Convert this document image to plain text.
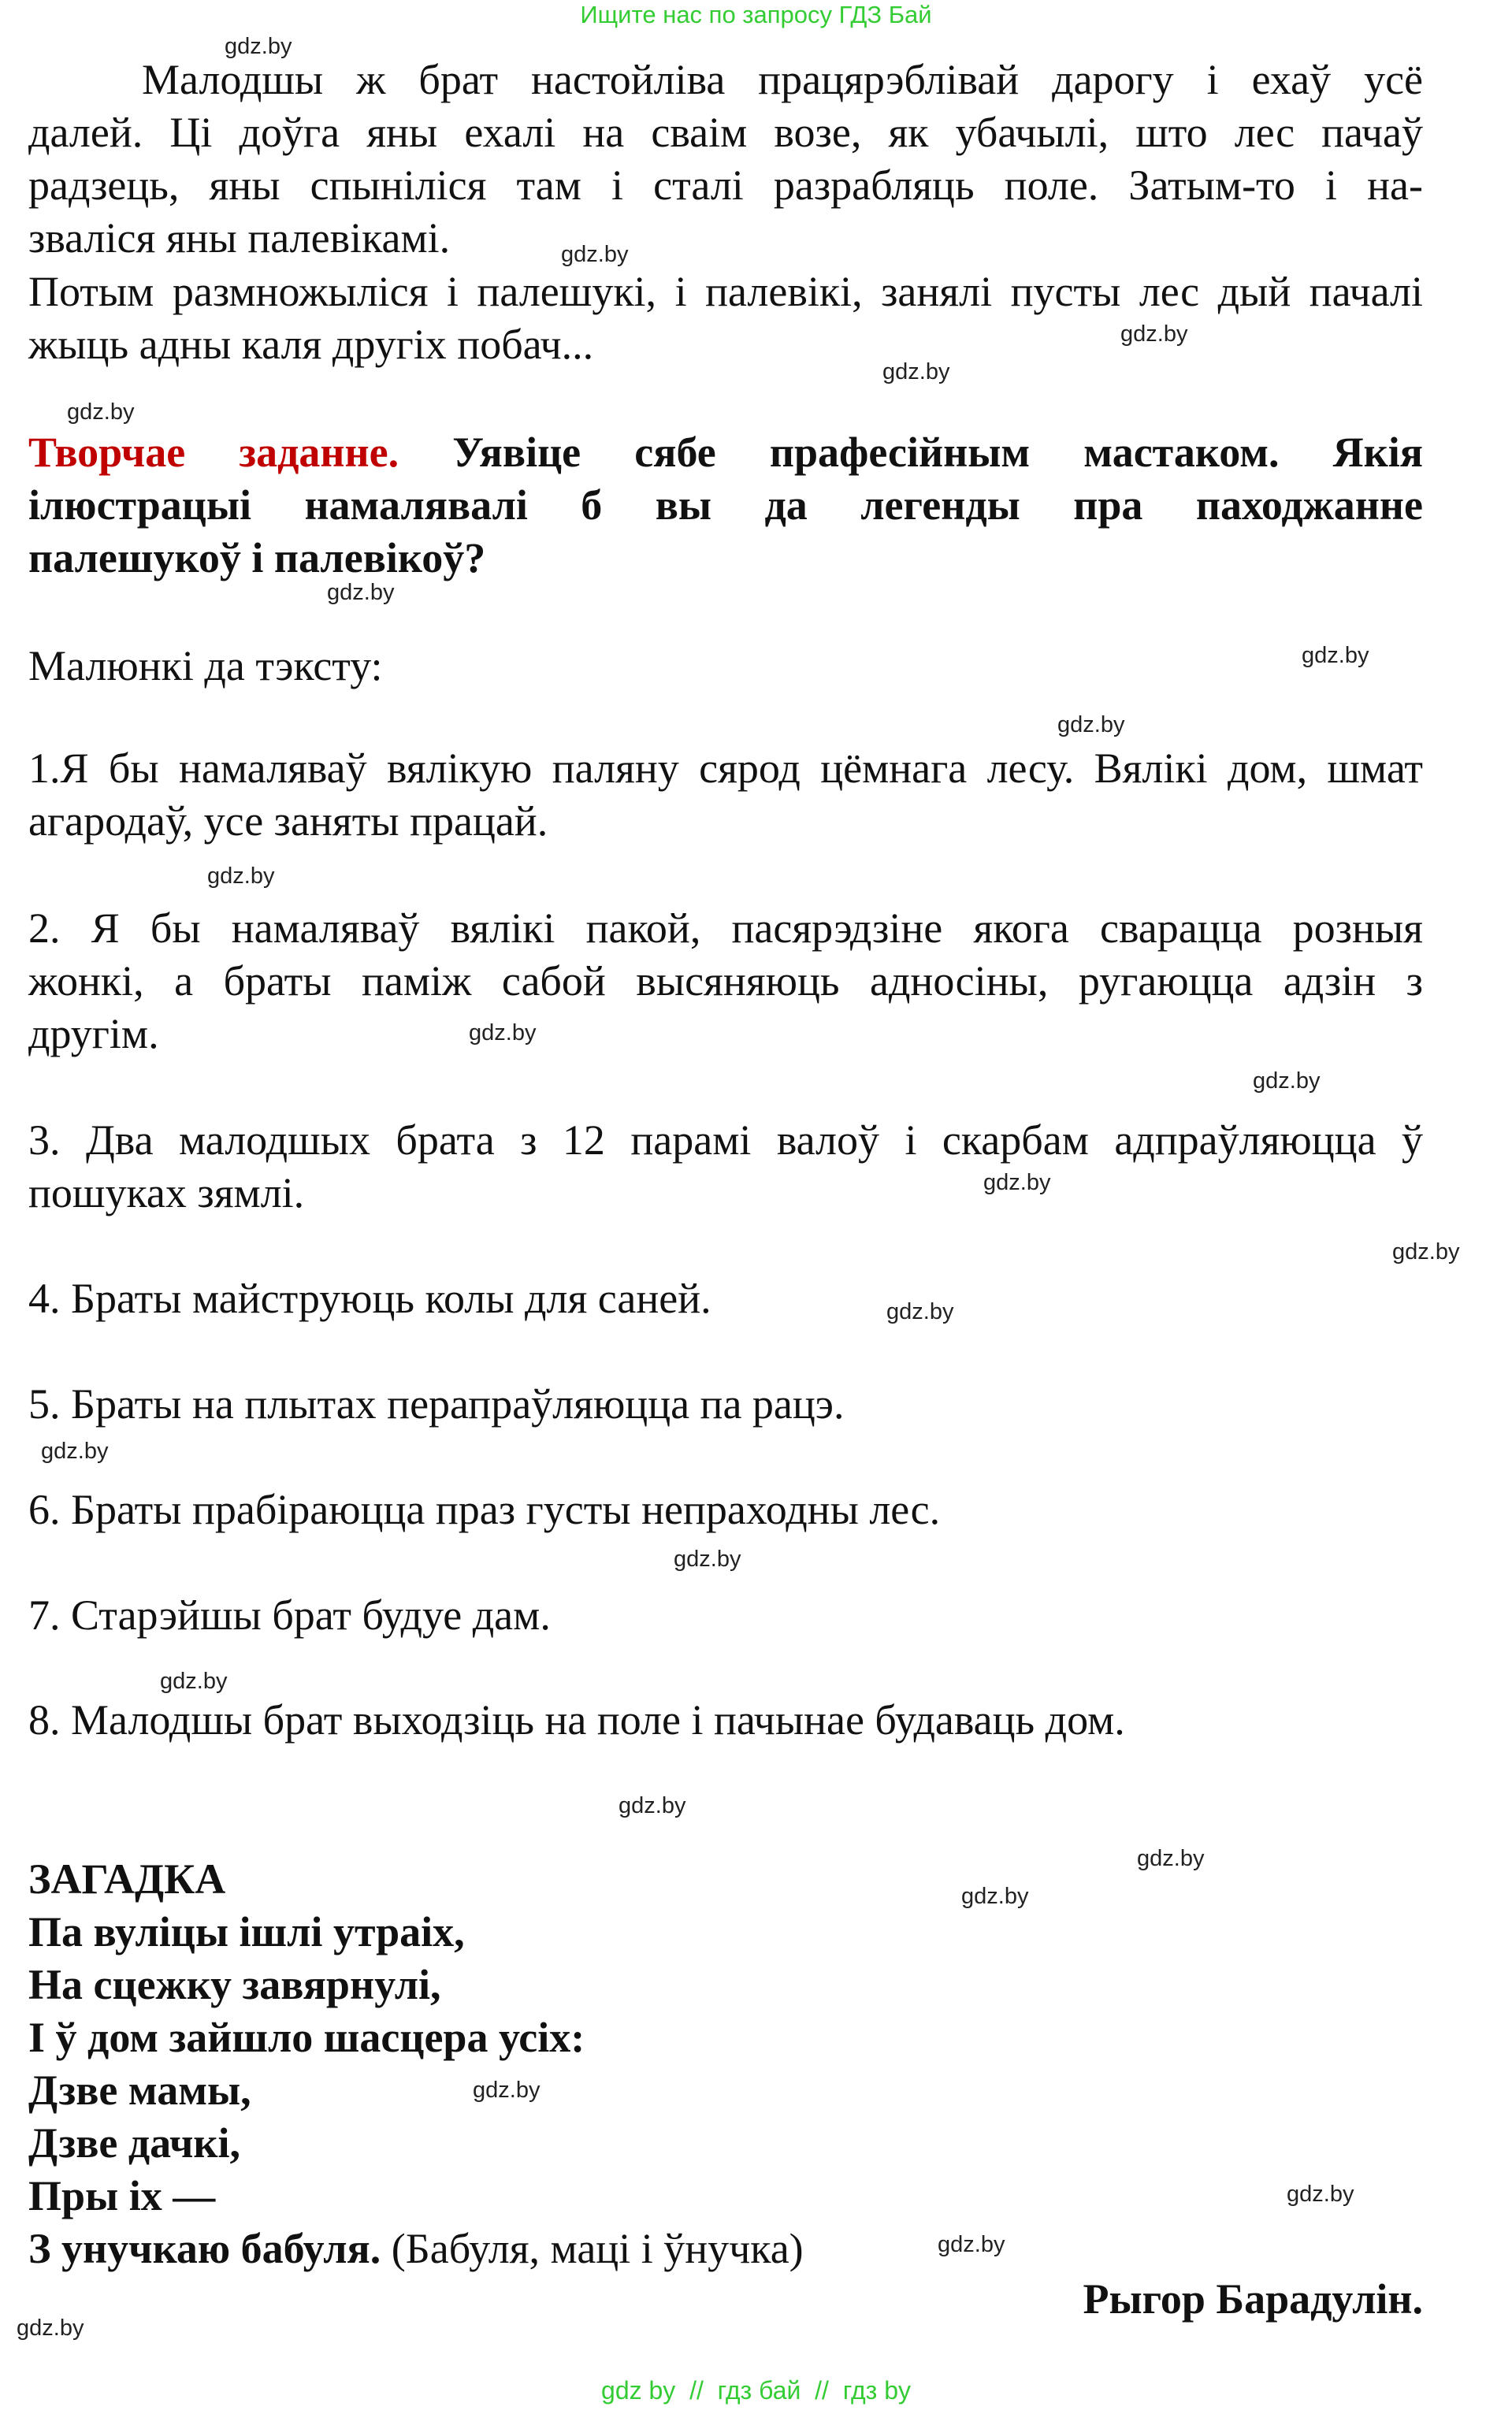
Ищите нас по запросу ГДЗ Бай
Малодшы ж брат настойліва працярэблівай дарогу і ехаў усё
далей. Ці доўга яны ехалі на сваім возе, як убачылі, што лес пачаў
радзець, яны спыніліся там і сталі разрабляць поле. Затым-то і на-
зваліся яны палевікамі.
Потым размножыліся і палешукі, і палевікі, занялі пусты лес дый пачалі
жыць адны каля другіх побач...
Творчае заданне. Уявіце сябе прафесійным мастаком. Якія
ілюстрацыі намалявалі б вы да легенды пра паходжанне
палешукоў і палевікоў?
Малюнкі да тэксту:
1.Я бы намаляваў вялікую паляну сярод цёмнага лесу. Вялікі дом, шмат
агародаў, усе заняты працай.
2. Я бы намаляваў вялікі пакой, пасярэдзіне якога сварацца розныя
жонкі, а браты паміж сабой высяняюць адносіны, ругаюцца адзін з
другім.
3. Два малодшых брата з 12 парамі валоў і скарбам адпраўляюцца ў
пошуках зямлі.
4. Браты майструюць колы для саней.
5. Браты на плытах перапраўляюцца па рацэ.
6. Браты прабіраюцца праз густы непраходны лес.
7. Старэйшы брат будуе дам.
8. Малодшы брат выходзіць на поле і пачынае будаваць дом.
ЗАГАДКА
Па вуліцы ішлі утраіх,
На сцежку завярнулі,
І ў дом зайшло шасцера усіх:
Дзве мамы,
Дзве дачкі,
Пры іх —
З унучкаю бабуля. (Бабуля, маці і ўнучка)
Рыгор Барадулін.
gdz.by
gdz.by
gdz.by
gdz.by
gdz.by
gdz.by
gdz.by
gdz.by
gdz.by
gdz.by
gdz.by
gdz.by
gdz.by
gdz.by
gdz.by
gdz.by
gdz.by
gdz.by
gdz.by
gdz.by
gdz.by
gdz.by
gdz.by
gdz.by
gdz by  //  гдз бай  //  гдз by
